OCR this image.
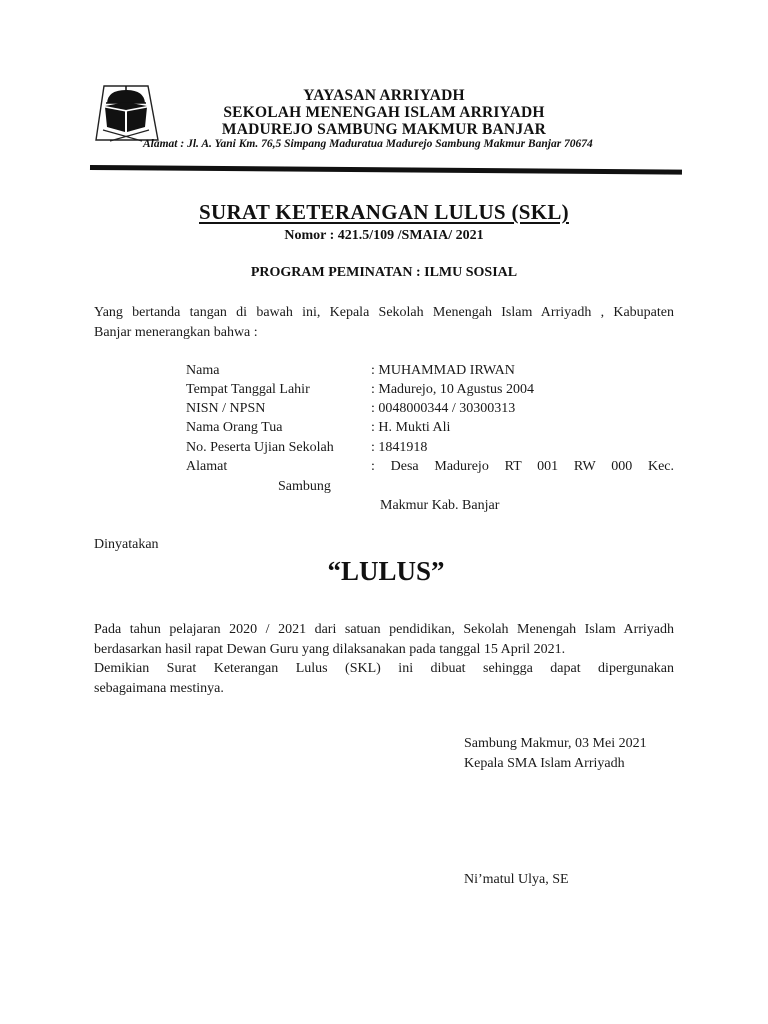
YAYASAN ARRIYADH
SEKOLAH MENENGAH ISLAM ARRIYADH
MADUREJO SAMBUNG MAKMUR BANJAR
Alamat : Jl. A. Yani Km. 76,5 Simpang Maduratua Madurejo Sambung Makmur Banjar 70674
SURAT KETERANGAN LULUS (SKL)
Nomor : 421.5/109 /SMAIA/ 2021
PROGRAM PEMINATAN : ILMU SOSIAL
Yang bertanda tangan di bawah ini, Kepala Sekolah Menengah Islam Arriyadh , Kabupaten
Banjar menerangkan bahwa :
Nama	: MUHAMMAD IRWAN
Tempat Tanggal Lahir	: Madurejo, 10 Agustus 2004
NISN / NPSN	: 0048000344 / 30300313
Nama Orang Tua	: H. Mukti Ali
No. Peserta Ujian Sekolah	: 1841918
Alamat	: Desa Madurejo RT 001 RW 000 Kec.
Sambung
Makmur Kab. Banjar
Dinyatakan
“LULUS”
Pada tahun pelajaran 2020 / 2021 dari satuan pendidikan, Sekolah Menengah Islam Arriyadh
berdasarkan hasil rapat Dewan Guru yang dilaksanakan pada tanggal 15 April 2021.
Demikian Surat Keterangan Lulus (SKL) ini dibuat sehingga dapat dipergunakan
sebagaimana mestinya.
Sambung Makmur, 03 Mei 2021
Kepala SMA Islam Arriyadh
Ni’matul Ulya, SE
